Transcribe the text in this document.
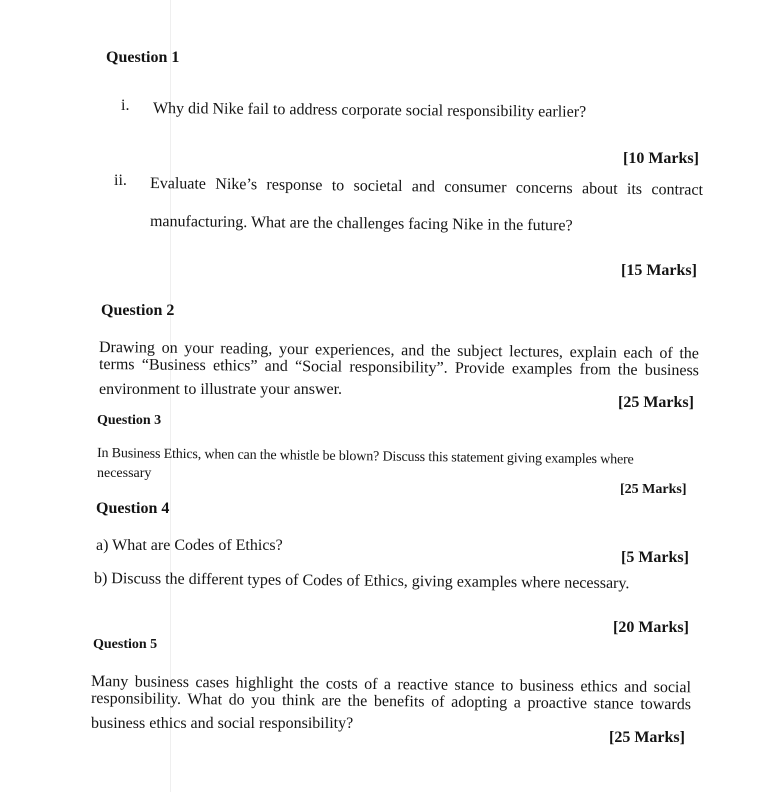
Question 1
i. Why did Nike fail to address corporate social responsibility earlier?
[10 Marks]
ii. Evaluate Nike’s response to societal and consumer concerns about its contract
manufacturing. What are the challenges facing Nike in the future?
[15 Marks]
Question 2
Drawing on your reading, your experiences, and the subject lectures, explain each of the
terms “Business ethics” and “Social responsibility”. Provide examples from the business
environment to illustrate your answer.
[25 Marks]
Question 3
In Business Ethics, when can the whistle be blown? Discuss this statement giving examples where
necessary
[25 Marks]
Question 4
a) What are Codes of Ethics?
[5 Marks]
b) Discuss the different types of Codes of Ethics, giving examples where necessary.
[20 Marks]
Question 5
Many business cases highlight the costs of a reactive stance to business ethics and social
responsibility. What do you think are the benefits of adopting a proactive stance towards
business ethics and social responsibility?
[25 Marks]
